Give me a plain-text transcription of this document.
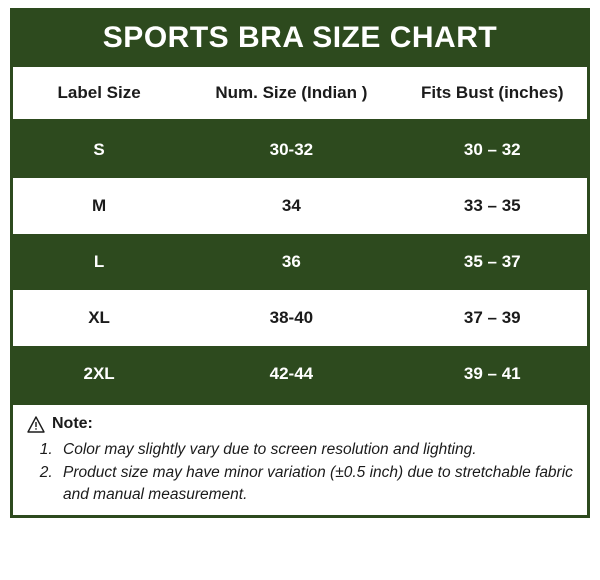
SPORTS BRA SIZE CHART
Label Size	Num. Size (Indian )	Fits Bust (inches)
S	30-32	30 – 32
M	34	33 – 35
L	36	35 – 37
XL	38-40	37 – 39
2XL	42-44	39 – 41
Note:
1. Color may slightly vary due to screen resolution and lighting.
2. Product size may have minor variation (±0.5 inch) due to stretchable fabric and manual measurement.
